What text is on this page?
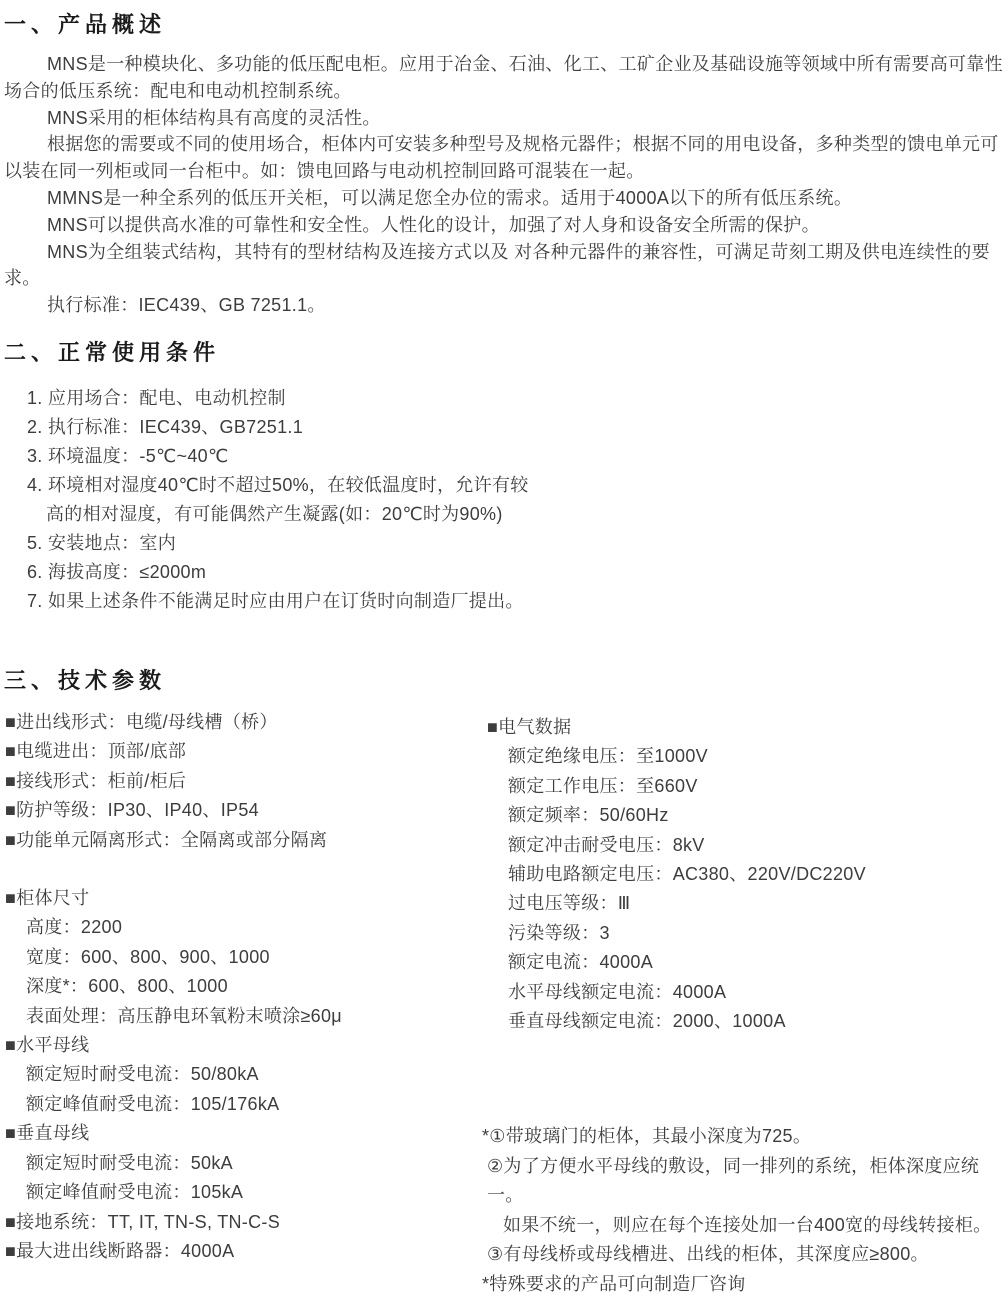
一、产品概述

MNS是一种模块化、多功能的低压配电柜。应用于冶金、石油、化工、工矿企业及基础设施等领域中所有需要高可靠性场合的低压系统：配电和电动机控制系统。

MNS采用的柜体结构具有高度的灵活性。

根据您的需要或不同的使用场合，柜体内可安装多种型号及规格元器件；根据不同的用电设备，多种类型的馈电单元可以装在同一列柜或同一台柜中。如：馈电回路与电动机控制回路可混装在一起。

MMNS是一种全系列的低压开关柜，可以满足您全办位的需求。适用于4000A以下的所有低压系统。

MNS可以提供高水准的可靠性和安全性。人性化的设计，加强了对人身和设备安全所需的保护。

MNS为全组装式结构，其特有的型材结构及连接方式以及 对各种元器件的兼容性，可满足苛刻工期及供电连续性的要求。

执行标准：IEC439、GB 7251.1。

二、正常使用条件
1. 应用场合：配电、电动机控制
2. 执行标准：IEC439、GB7251.1
3. 环境温度：-5℃~40℃
4. 环境相对湿度40℃时不超过50%，在较低温度时，允许有较
高的相对湿度，有可能偶然产生凝露(如：20℃时为90%)
5. 安装地点：室内
6. 海拔高度：≤2000m
7. 如果上述条件不能满足时应由用户在订货时向制造厂提出。
三、技术参数
■进出线形式：电缆/母线槽（桥）
■电缆进出：顶部/底部
■接线形式：柜前/柜后
■防护等级：IP30、IP40、IP54
■功能单元隔离形式：全隔离或部分隔离
■柜体尺寸
高度：2200
宽度：600、800、900、1000
深度*：600、800、1000
表面处理：高压静电环氧粉末喷涂≥60μ
■水平母线
额定短时耐受电流：50/80kA
额定峰值耐受电流：105/176kA
■垂直母线
额定短时耐受电流：50kA
额定峰值耐受电流：105kA
■接地系统：TT, IT, TN-S, TN-C-S
■最大进出线断路器：4000A
■电气数据
额定绝缘电压：至1000V
额定工作电压：至660V
额定频率：50/60Hz
额定冲击耐受电压：8kV
辅助电路额定电压：AC380、220V/DC220V
过电压等级：Ⅲ
污染等级：3
额定电流：4000A
水平母线额定电流：4000A
垂直母线额定电流：2000、1000A
*①带玻璃门的柜体，其最小深度为725。
②为了方便水平母线的敷设，同一排列的系统，柜体深度应统一。
如果不统一，则应在每个连接处加一台400宽的母线转接柜。
③有母线桥或母线槽进、出线的柜体，其深度应≥800。
*特殊要求的产品可向制造厂咨询
